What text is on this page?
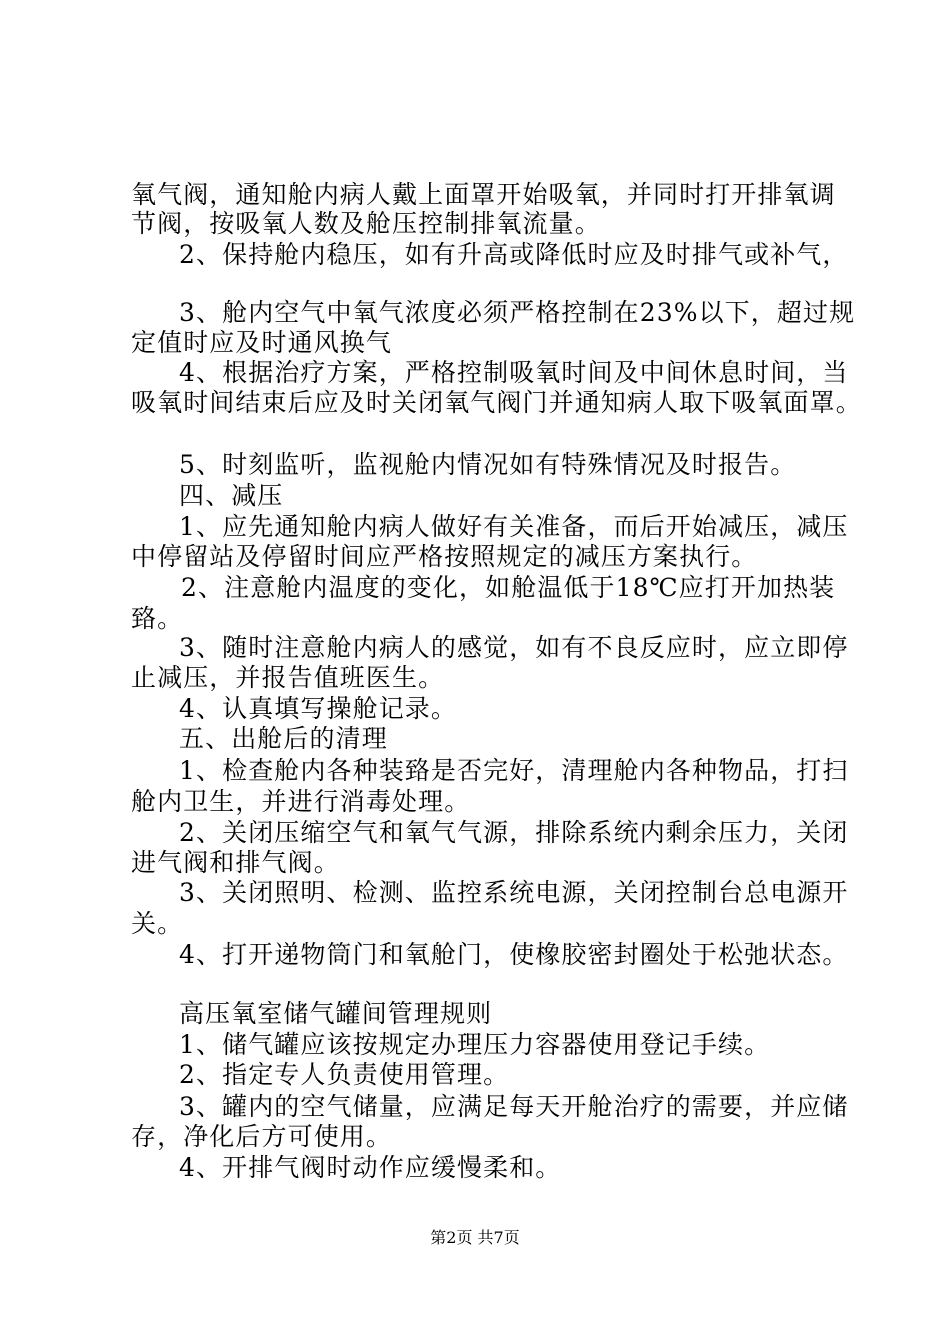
氧气阀，通知舱内病人戴上面罩开始吸氧，并同时打开排氧调
节阀，按吸氧人数及舱压控制排氧流量。
2、保持舱内稳压，如有升高或降低时应及时排气或补气，
3、舱内空气中氧气浓度必须严格控制在23%以下，超过规
定值时应及时通风换气
4、根据治疗方案，严格控制吸氧时间及中间休息时间，当
吸氧时间结束后应及时关闭氧气阀门并通知病人取下吸氧面罩。
5、时刻监听，监视舱内情况如有特殊情况及时报告。
四、减压
1、应先通知舱内病人做好有关准备，而后开始减压，减压
中停留站及停留时间应严格按照规定的减压方案执行。
2、注意舱内温度的变化，如舱温低于18℃应打开加热装
臵。
3、随时注意舱内病人的感觉，如有不良反应时，应立即停
止减压，并报告值班医生。
4、认真填写操舱记录。
五、出舱后的清理
1、检查舱内各种装臵是否完好，清理舱内各种物品，打扫
舱内卫生，并进行消毒处理。
2、关闭压缩空气和氧气气源，排除系统内剩余压力，关闭
进气阀和排气阀。
3、关闭照明、检测、监控系统电源，关闭控制台总电源开
关。
4、打开递物筒门和氧舱门，使橡胶密封圈处于松弛状态。
高压氧室储气罐间管理规则
1、储气罐应该按规定办理压力容器使用登记手续。
2、指定专人负责使用管理。
3、罐内的空气储量，应满足每天开舱治疗的需要，并应储
存，净化后方可使用。
4、开排气阀时动作应缓慢柔和。
第2页 共7页
